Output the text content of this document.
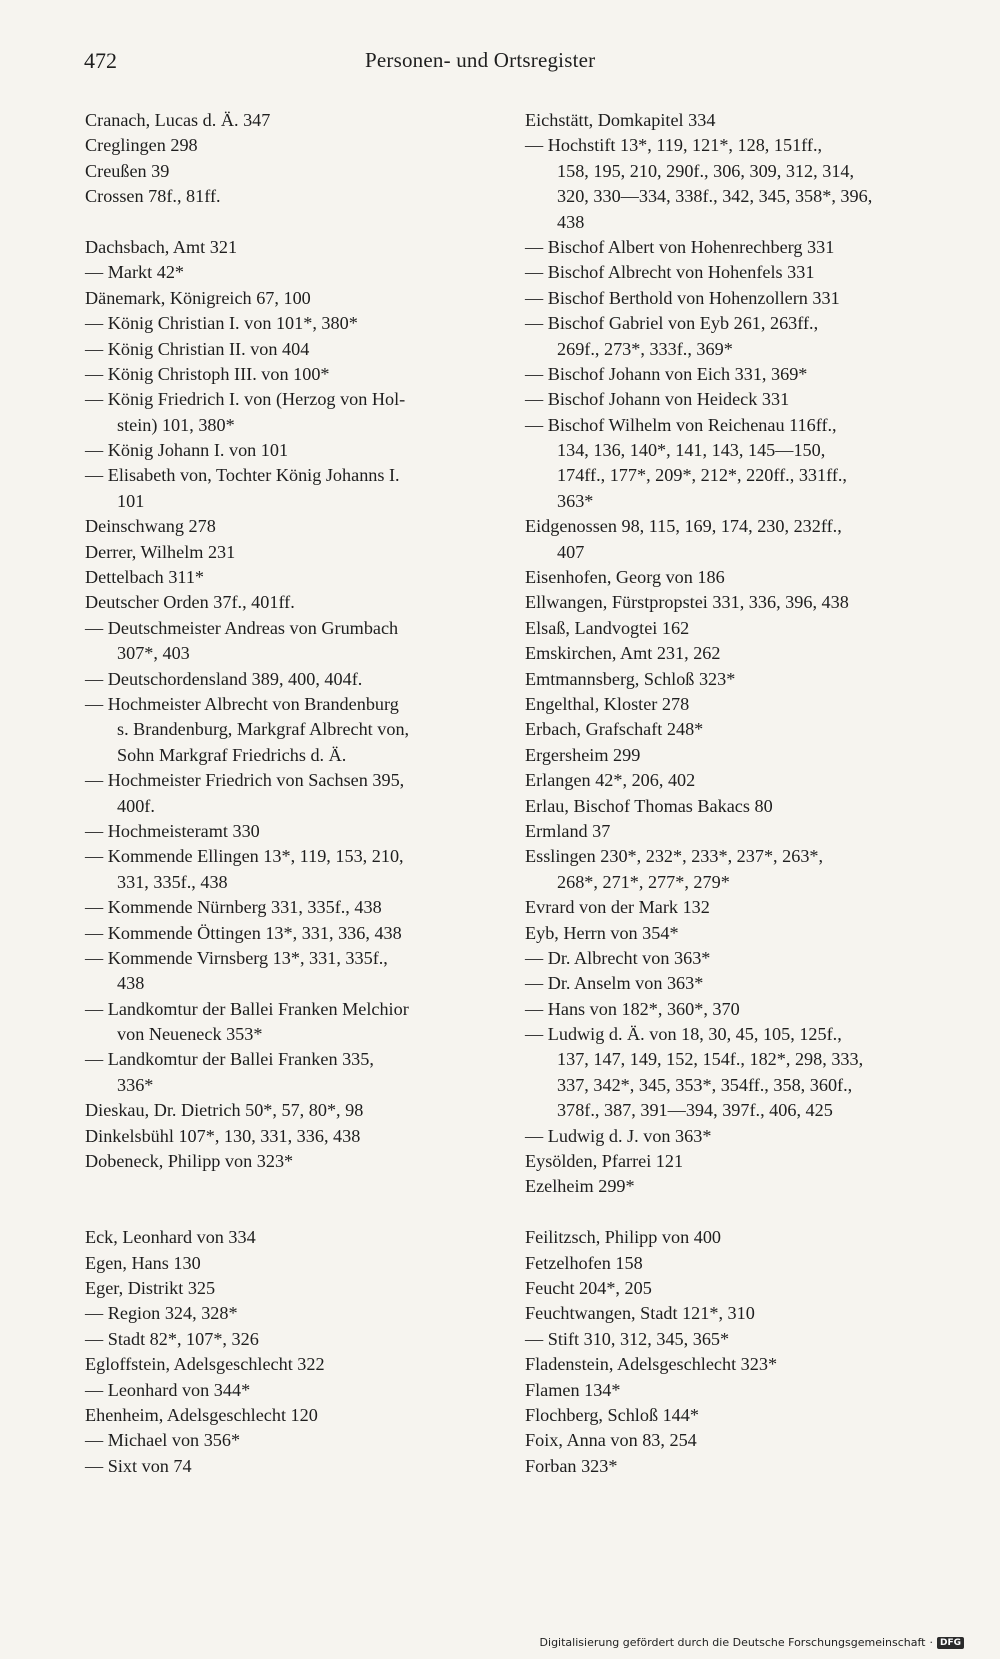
472	Personen- und Ortsregister
Cranach, Lucas d. Ä. 347
Creglingen 298
Creußen 39
Crossen 78f., 81ff.
Dachsbach, Amt 321
— Markt 42*
Dänemark, Königreich 67, 100
— König Christian I. von 101*, 380*
— König Christian II. von 404
— König Christoph III. von 100*
— König Friedrich I. von (Herzog von Hol-
stein) 101, 380*
— König Johann I. von 101
— Elisabeth von, Tochter König Johanns I.
101
Deinschwang 278
Derrer, Wilhelm 231
Dettelbach 311*
Deutscher Orden 37f., 401ff.
— Deutschmeister Andreas von Grumbach
307*, 403
— Deutschordensland 389, 400, 404f.
— Hochmeister Albrecht von Brandenburg
s. Brandenburg, Markgraf Albrecht von,
Sohn Markgraf Friedrichs d. Ä.
— Hochmeister Friedrich von Sachsen 395,
400f.
— Hochmeisteramt 330
— Kommende Ellingen 13*, 119, 153, 210,
331, 335f., 438
— Kommende Nürnberg 331, 335f., 438
— Kommende Öttingen 13*, 331, 336, 438
— Kommende Virnsberg 13*, 331, 335f.,
438
— Landkomtur der Ballei Franken Melchior
von Neueneck 353*
— Landkomtur der Ballei Franken 335,
336*
Dieskau, Dr. Dietrich 50*, 57, 80*, 98
Dinkelsbühl 107*, 130, 331, 336, 438
Dobeneck, Philipp von 323*
Eck, Leonhard von 334
Egen, Hans 130
Eger, Distrikt 325
— Region 324, 328*
— Stadt 82*, 107*, 326
Egloffstein, Adelsgeschlecht 322
— Leonhard von 344*
Ehenheim, Adelsgeschlecht 120
— Michael von 356*
— Sixt von 74
Eichstätt, Domkapitel 334
— Hochstift 13*, 119, 121*, 128, 151ff.,
158, 195, 210, 290f., 306, 309, 312, 314,
320, 330—334, 338f., 342, 345, 358*, 396,
438
— Bischof Albert von Hohenrechberg 331
— Bischof Albrecht von Hohenfels 331
— Bischof Berthold von Hohenzollern 331
— Bischof Gabriel von Eyb 261, 263ff.,
269f., 273*, 333f., 369*
— Bischof Johann von Eich 331, 369*
— Bischof Johann von Heideck 331
— Bischof Wilhelm von Reichenau 116ff.,
134, 136, 140*, 141, 143, 145—150,
174ff., 177*, 209*, 212*, 220ff., 331ff.,
363*
Eidgenossen 98, 115, 169, 174, 230, 232ff.,
407
Eisenhofen, Georg von 186
Ellwangen, Fürstpropstei 331, 336, 396, 438
Elsaß, Landvogtei 162
Emskirchen, Amt 231, 262
Emtmannsberg, Schloß 323*
Engelthal, Kloster 278
Erbach, Grafschaft 248*
Ergersheim 299
Erlangen 42*, 206, 402
Erlau, Bischof Thomas Bakacs 80
Ermland 37
Esslingen 230*, 232*, 233*, 237*, 263*,
268*, 271*, 277*, 279*
Evrard von der Mark 132
Eyb, Herrn von 354*
— Dr. Albrecht von 363*
— Dr. Anselm von 363*
— Hans von 182*, 360*, 370
— Ludwig d. Ä. von 18, 30, 45, 105, 125f.,
137, 147, 149, 152, 154f., 182*, 298, 333,
337, 342*, 345, 353*, 354ff., 358, 360f.,
378f., 387, 391—394, 397f., 406, 425
— Ludwig d. J. von 363*
Eysölden, Pfarrei 121
Ezelheim 299*
Feilitzsch, Philipp von 400
Fetzelhofen 158
Feucht 204*, 205
Feuchtwangen, Stadt 121*, 310
— Stift 310, 312, 345, 365*
Fladenstein, Adelsgeschlecht 323*
Flamen 134*
Flochberg, Schloß 144*
Foix, Anna von 83, 254
Forban 323*
Digitalisierung gefördert durch die Deutsche Forschungsgemeinschaft · DFG
